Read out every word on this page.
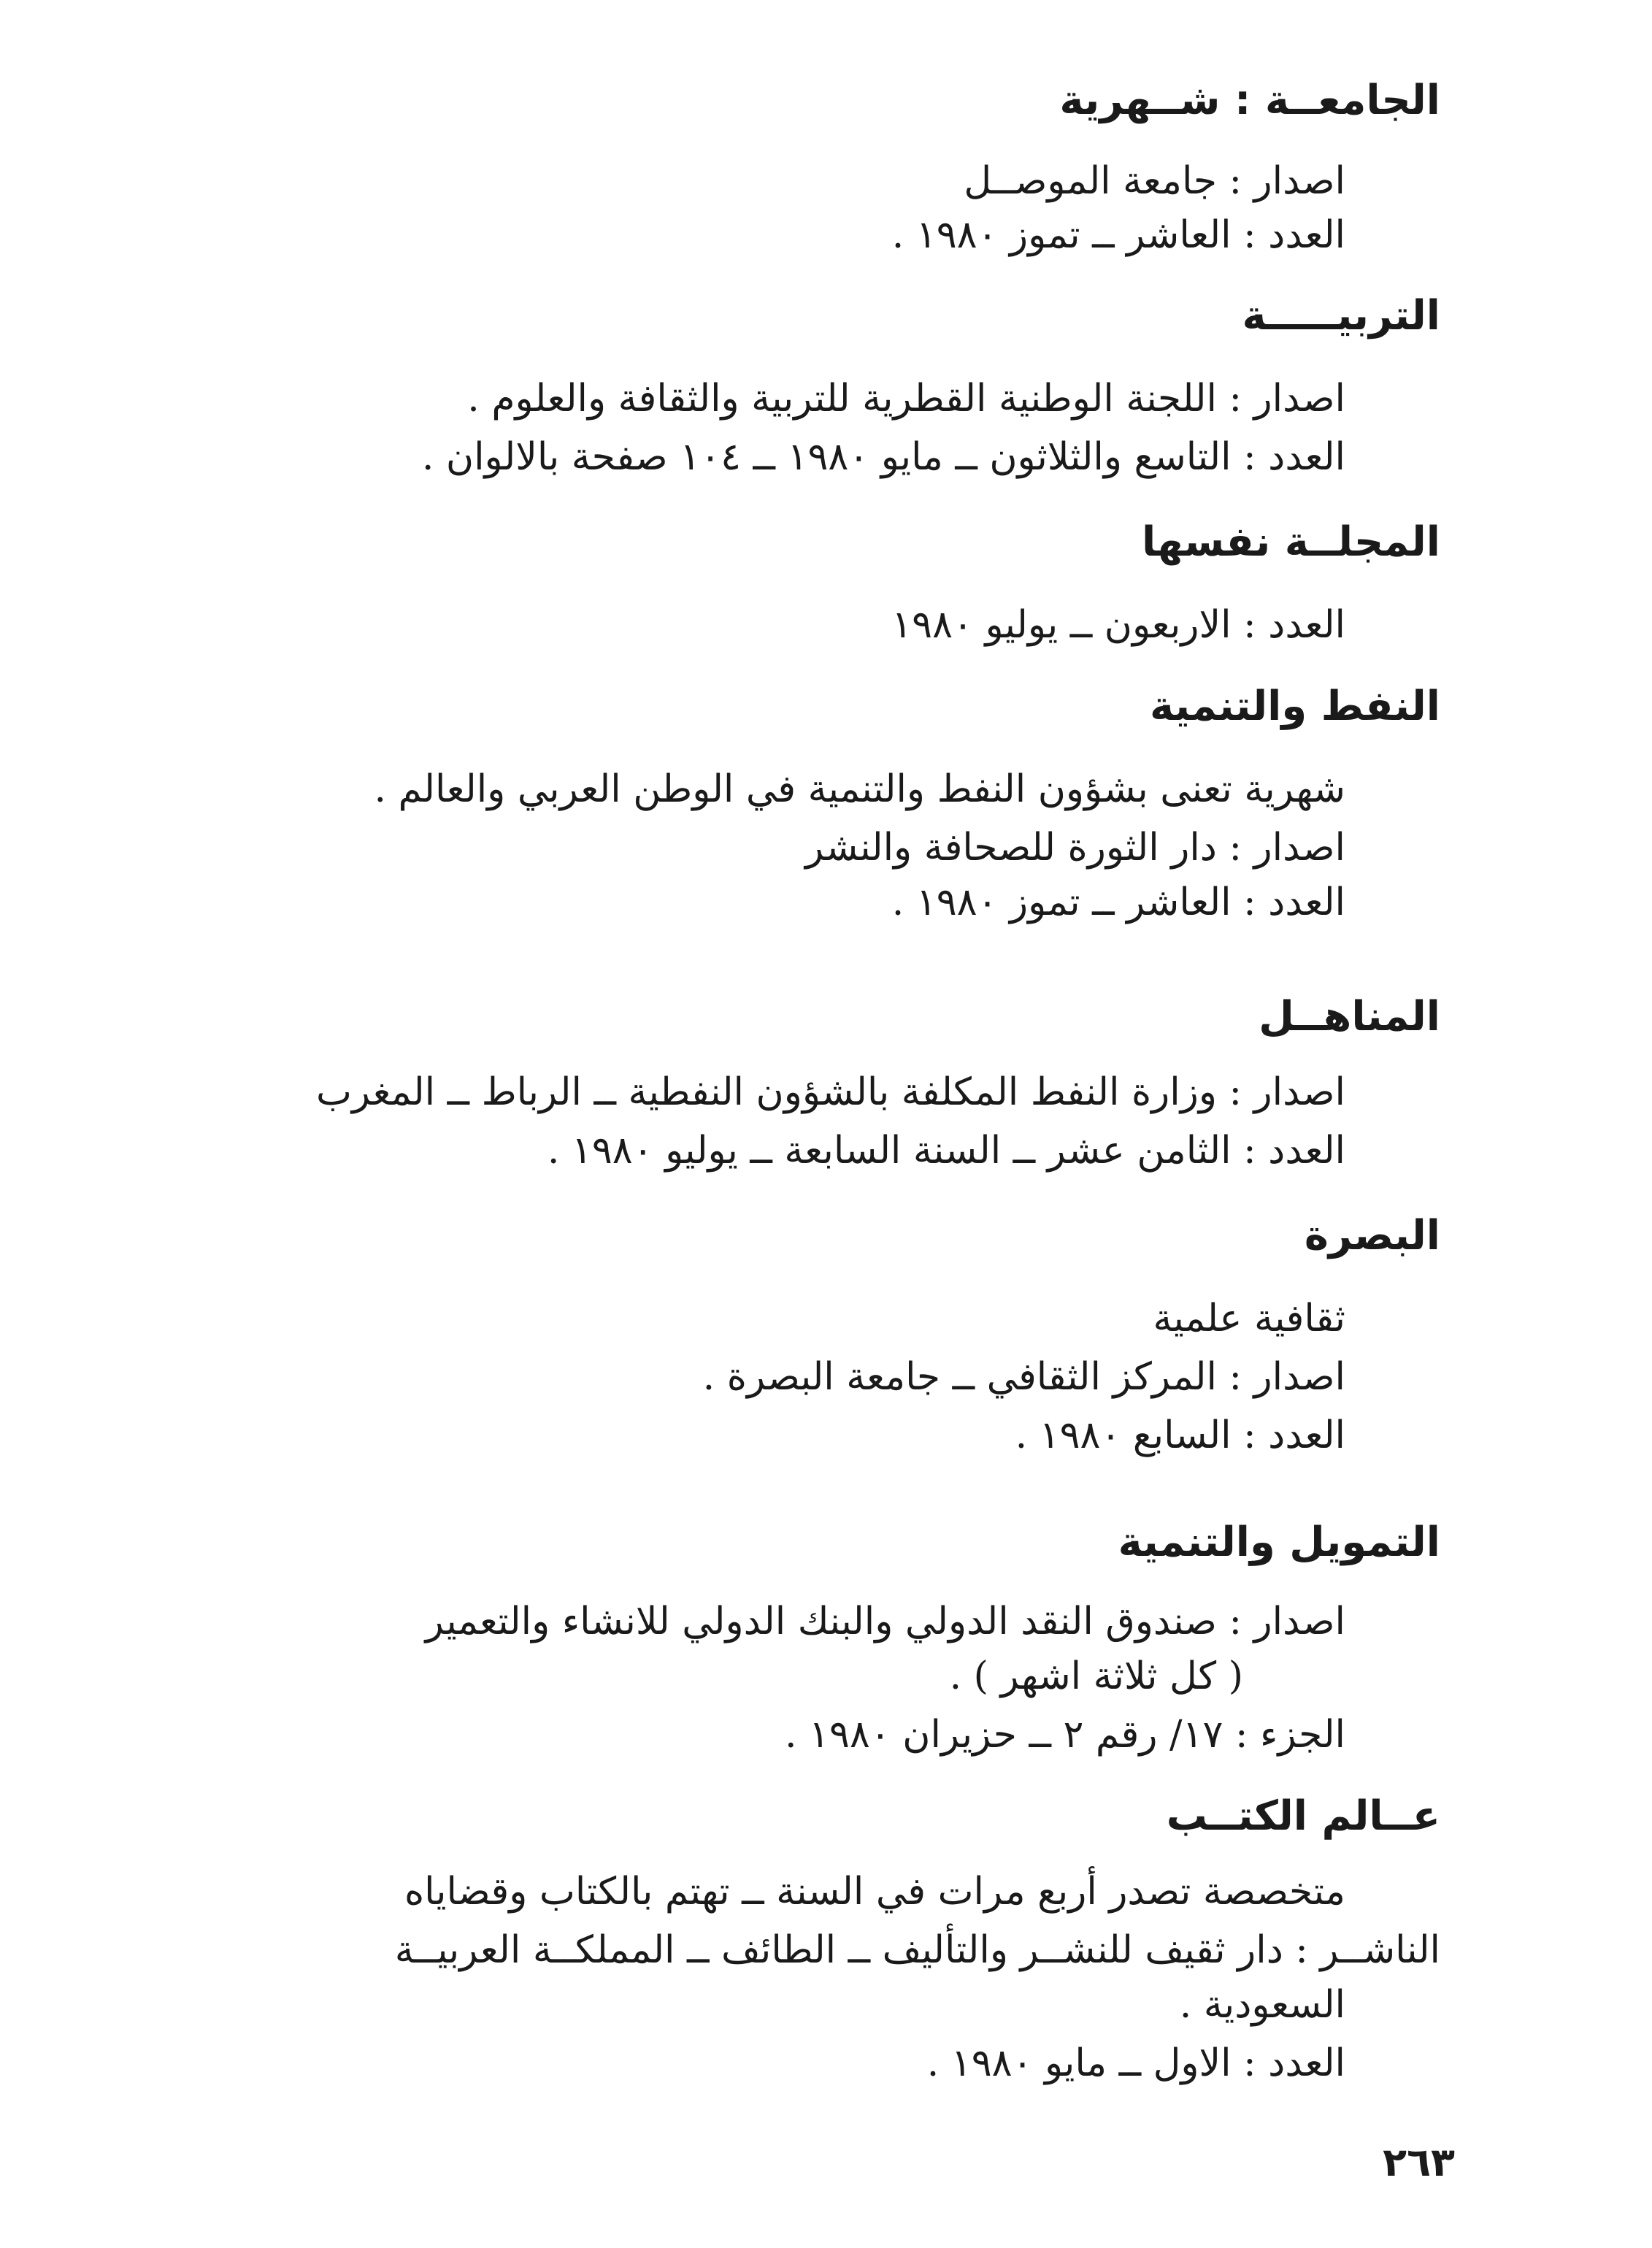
الجامعــة : شــهرية

اصدار : جامعة الموصــل

العدد : العاشر ــ تموز ١٩٨٠ .

التربيـــــة

اصدار : اللجنة الوطنية القطرية للتربية والثقافة والعلوم .

العدد : التاسع والثلاثون ــ مايو ١٩٨٠ ــ ١٠٤ صفحة بالالوان .

المجلــة نفسها

العدد : الاربعون ــ يوليو ١٩٨٠

النفط والتنمية

شهرية تعنى بشؤون النفط والتنمية في الوطن العربي والعالم .

اصدار : دار الثورة للصحافة والنشر

العدد : العاشر ــ تموز ١٩٨٠ .

المناهــل

اصدار : وزارة النفط المكلفة بالشؤون النفطية ــ الرباط ــ المغرب

العدد : الثامن عشر ــ السنة السابعة ــ يوليو ١٩٨٠ .

البصرة

ثقافية علمية

اصدار : المركز الثقافي ــ جامعة البصرة .

العدد : السابع ١٩٨٠ .

التمويل والتنمية

اصدار : صندوق النقد الدولي والبنك الدولي للانشاء والتعمير

( كل ثلاثة اشهر ) .

الجزء : ١٧/ رقم ٢ ــ حزيران ١٩٨٠ .

عــالم الكتــب

متخصصة تصدر أربع مرات في السنة ــ تهتم بالكتاب وقضاياه

الناشــر : دار ثقيف للنشــر والتأليف ــ الطائف ــ المملكــة العربيــة

السعودية .

العدد : الاول ــ مايو ١٩٨٠ .

٢٦٣
